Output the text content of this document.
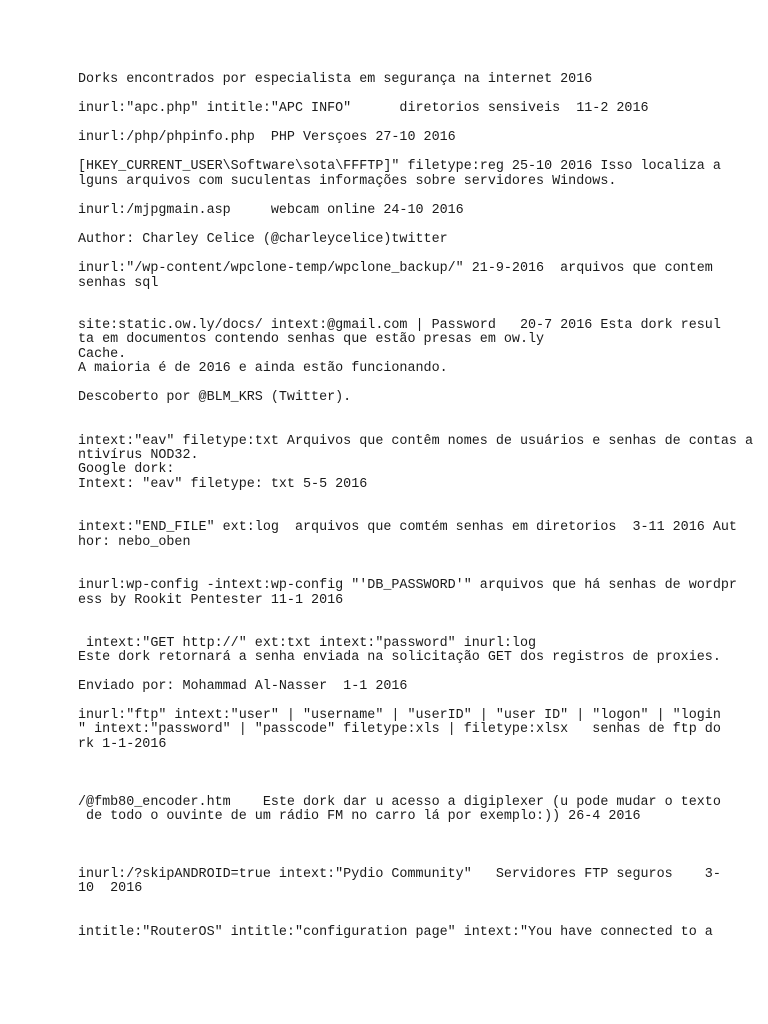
Dorks encontrados por especialista em segurança na internet 2016
inurl:"apc.php" intitle:"APC INFO"      diretorios sensiveis  11-2 2016
inurl:/php/phpinfo.php  PHP Versçoes 27-10 2016
[HKEY_CURRENT_USER\Software\sota\FFFTP]" filetype:reg 25-10 2016 Isso localiza a
lguns arquivos com suculentas informações sobre servidores Windows.
inurl:/mjpgmain.asp     webcam online 24-10 2016
Author: Charley Celice (@charleycelice)twitter
inurl:"/wp-content/wpclone-temp/wpclone_backup/" 21-9-2016  arquivos que contem
senhas sql
site:static.ow.ly/docs/ intext:@gmail.com | Password   20-7 2016 Esta dork resul
ta em documentos contendo senhas que estão presas em ow.ly
Cache.
A maioria é de 2016 e ainda estão funcionando.
Descoberto por @BLM_KRS (Twitter).
intext:"eav" filetype:txt Arquivos que contêm nomes de usuários e senhas de contas a
ntivírus NOD32.
Google dork:
Intext: "eav" filetype: txt 5-5 2016
intext:"END_FILE" ext:log  arquivos que comtém senhas em diretorios  3-11 2016 Aut
hor: nebo_oben
inurl:wp-config -intext:wp-config "'DB_PASSWORD'" arquivos que há senhas de wordpr
ess by Rookit Pentester 11-1 2016
intext:"GET http://" ext:txt intext:"password" inurl:log
Este dork retornará a senha enviada na solicitação GET dos registros de proxies.
Enviado por: Mohammad Al-Nasser  1-1 2016
inurl:"ftp" intext:"user" | "username" | "userID" | "user ID" | "logon" | "login
" intext:"password" | "passcode" filetype:xls | filetype:xlsx   senhas de ftp do
rk 1-1-2016
/@fmb80_encoder.htm    Este dork dar u acesso a digiplexer (u pode mudar o texto
de todo o ouvinte de um rádio FM no carro lá por exemplo:)) 26-4 2016
inurl:/?skipANDROID=true intext:"Pydio Community"   Servidores FTP seguros    3-
10  2016
intitle:"RouterOS" intitle:"configuration page" intext:"You have connected to a
